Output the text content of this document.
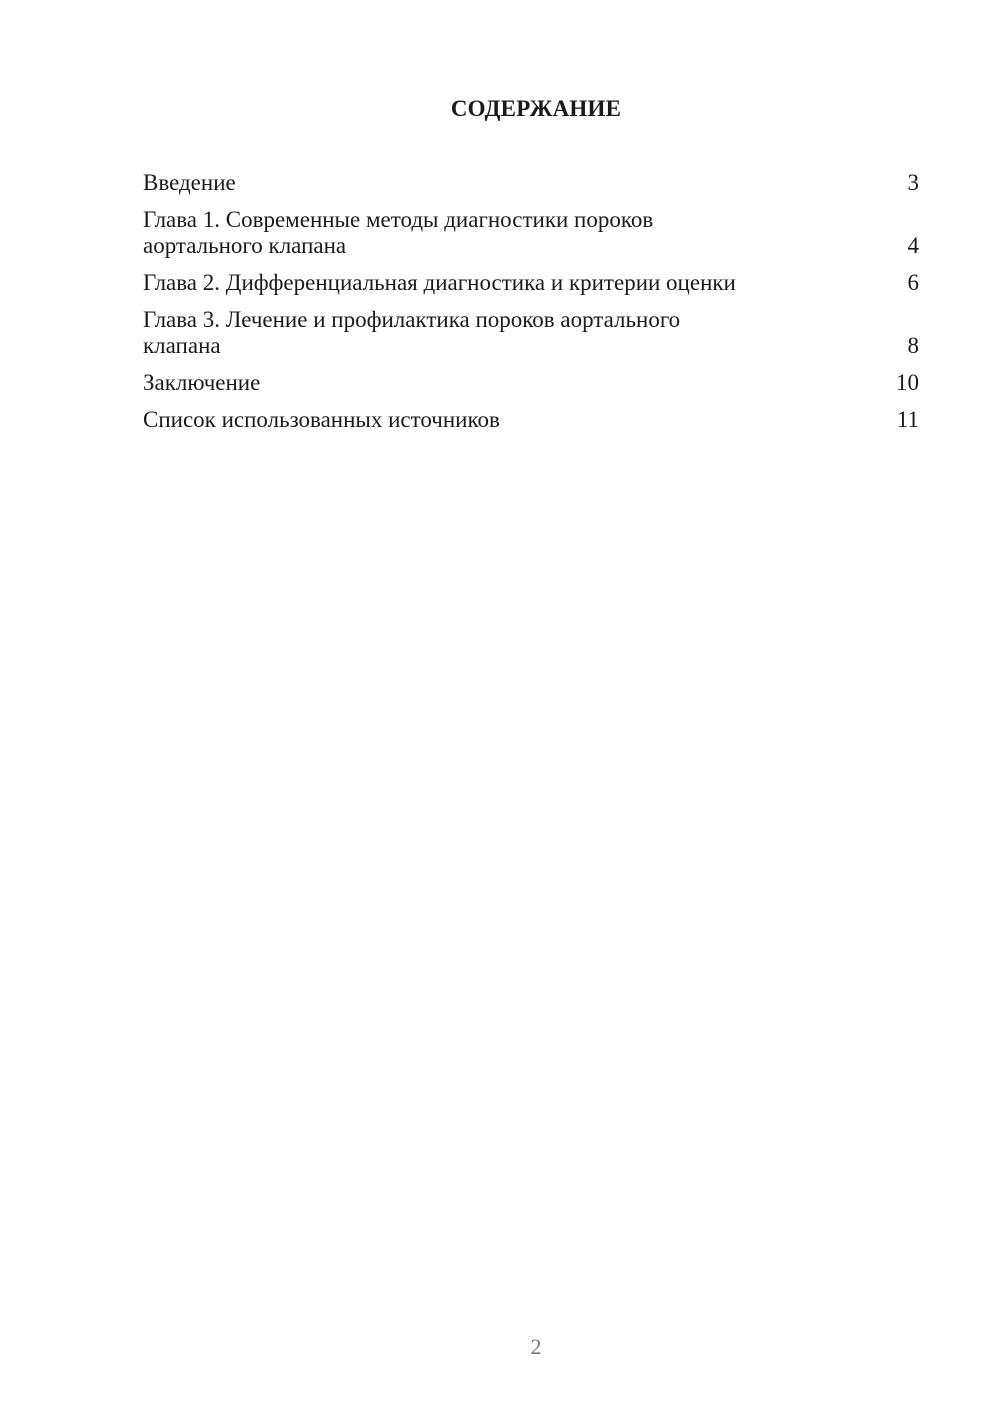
СОДЕРЖАНИЕ
Введение	3
Глава 1. Современные методы диагностики пороков аортального клапана	4
Глава 2. Дифференциальная диагностика и критерии оценки	6
Глава 3. Лечение и профилактика пороков аортального клапана	8
Заключение	10
Список использованных источников	11
2
